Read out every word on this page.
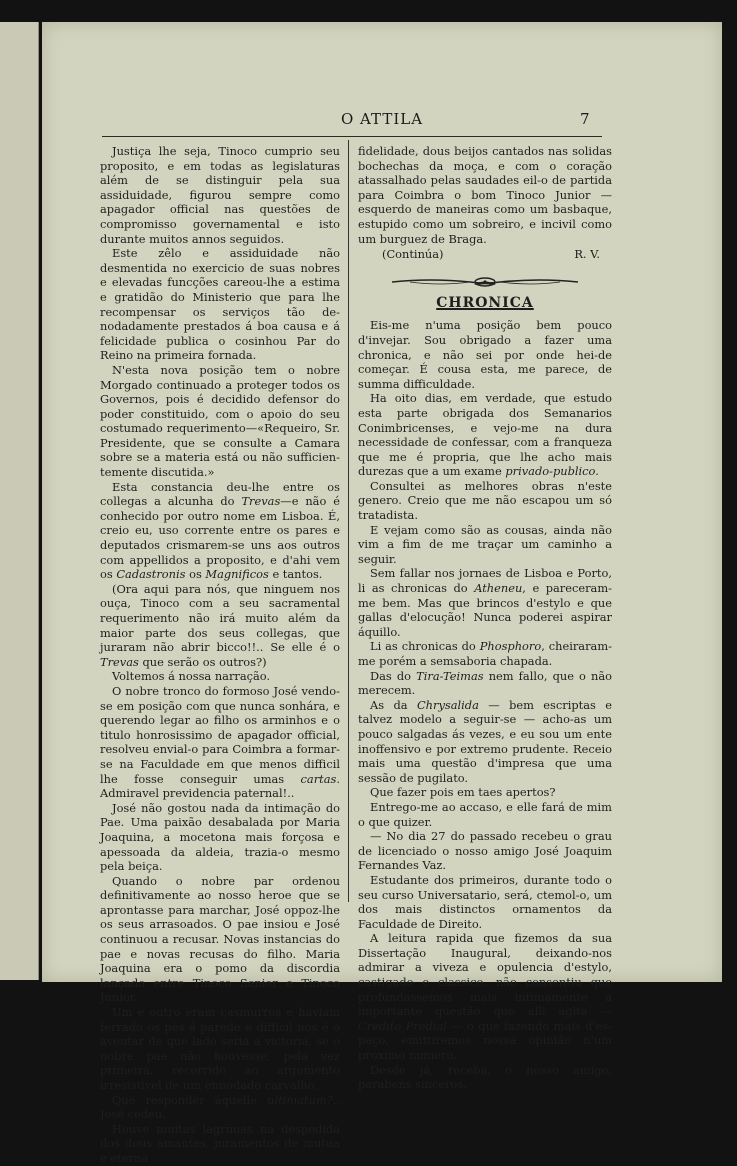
O ATTILA	7

Justiça lhe seja, Tinoco cumprio seu proposito, e em todas as legislaturas além de se distinguir pela sua assiduidade, figurou sempre como apagador official nas questões de compromisso governamental e isto durante muitos annos seguidos.

Este zêlo e assiduidade não desmentida no exercicio de suas nobres e elevadas funcções careou-lhe a estima e gratidão do Ministerio que para lhe recompensar os serviços tão denodadamente prestados á boa causa e á felicidade publica o cosinhou Par do Reino na primeira fornada.

N'esta nova posição tem o nobre Morgado continuado a proteger todos os Governos, pois é decidido defensor do poder constituido, com o apoio do seu costumado requerimento—«Requeiro, Sr. Presidente, que se consulte a Camara sobre se a materia está ou não sufficientemente discutida.»

Esta constancia deu-lhe entre os collegas a alcunha do Trevas—e não é conhecido por outro nome em Lisboa. É, creio eu, uso corrente entre os pares e deputados crismarem-se uns aos outros com appellidos a proposito, e d'ahi vem os Cadastronis os Magnificos e tantos.

(Ora aqui para nós, que ninguem nos ouça, Tinoco com a seu sacramental requerimento não irá muito além da maior parte dos seus collegas, que juraram não abrir bicco!!.. Se elle é o Trevas que serão os outros?)

Voltemos á nossa narração.

O nobre tronco do formoso José vendo-se em posição com que nunca sonhára, e querendo legar ao filho os arminhos e o titulo honrosissimo de apagador official, resolveu envial-o para Coimbra a formar-se na Faculdade em que menos difficil lhe fosse conseguir umas cartas. Admiravel previdencia paternal!..

José não gostou nada da intimação do Pae. Uma paixão desabalada por Maria Joaquina, a mocetona mais forçosa e apessoada da aldeia, trazia-o mesmo pela beiça.

Quando o nobre par ordenou definitivamente ao nosso heroe que se aprontasse para marchar, José oppoz-lhe os seus arrasoados. O pae insiou e José continuou a recusar. Novas instancias do pae e novas recusas do filho. Maria Joaquina era o pomo da discordia lançado entre Tinoco Senior e Tinoco Junior.

Um e outro eram casmurros e haviam ferrado os pés á parede e difficil nos é o aventar de que lado seria a victoria, se o nobre pae não houvesse, pela vez primeira, recorrido ao argumento irresistivel de um ennodado carvalho.

Que responder áquelle ultimatum?.. José cedeu.

Houve muitas lagrimas na despedida dos dous amantes, juramentos de mutua e eterna

fidelidade, dous beijos cantados nas solidas bochechas da moça, e com o coração atassalhado pelas saudades eil-o de partida para Coimbra o bom Tinoco Junior — esquerdo de maneiras como um basbaque, estupido como um sobreiro, e incivil como um burguez de Braga.

(Continúa)	R. V.
CHRONICA

Eis-me n'uma posição bem pouco d'invejar. Sou obrigado a fazer uma chronica, e não sei por onde hei-de começar. É cousa esta, me parece, de summa difficuldade.

Ha oito dias, em verdade, que estudo esta parte obrigada dos Semanarios Conimbricenses, e vejo-me na dura necessidade de confessar, com a franqueza que me é propria, que lhe acho mais durezas que a um exame privado-publico.

Consultei as melhores obras n'este genero. Creio que me não escapou um só tratadista.

E vejam como são as cousas, ainda não vim a fim de me traçar um caminho a seguir.

Sem fallar nos jornaes de Lisboa e Porto, li as chronicas do Atheneu, e pareceram-me bem. Mas que brincos d'estylo e que gallas d'elocução! Nunca poderei aspirar áquillo.

Li as chronicas do Phosphoro, cheiraram-me porém a semsaboria chapada.

Das do Tira-Teimas nem fallo, que o não merecem.

As da Chrysalida — bem escriptas e talvez modelo a seguir-se — acho-as um pouco salgadas ás vezes, e eu sou um ente inoffensivo e por extremo prudente. Receio mais uma questão d'impresa que uma sessão de pugilato.

Que fazer pois em taes apertos?

Entrego-me ao accaso, e elle fará de mim o que quizer.

— No dia 27 do passado recebeu o grau de licenciado o nosso amigo José Joaquim Fernandes Vaz.

Estudante dos primeiros, durante todo o seu curso Universatario, será, ctemol-o, um dos mais distinctos ornamentos da Faculdade de Direito.

A leitura rapida que fizemos da sua Dissertação Inaugural, deixando-nos admirar a viveza e opulencia d'estylo, castigado e classico, não consentiu que profundassemos mais intimamente a importante questão que alli agita — Credito Predial — o que fazendo mais d'espaço, emittiremos nossa opinião n'um proximo numero.

Desde já, receba, o nosso amigo, parabens sinceros.
